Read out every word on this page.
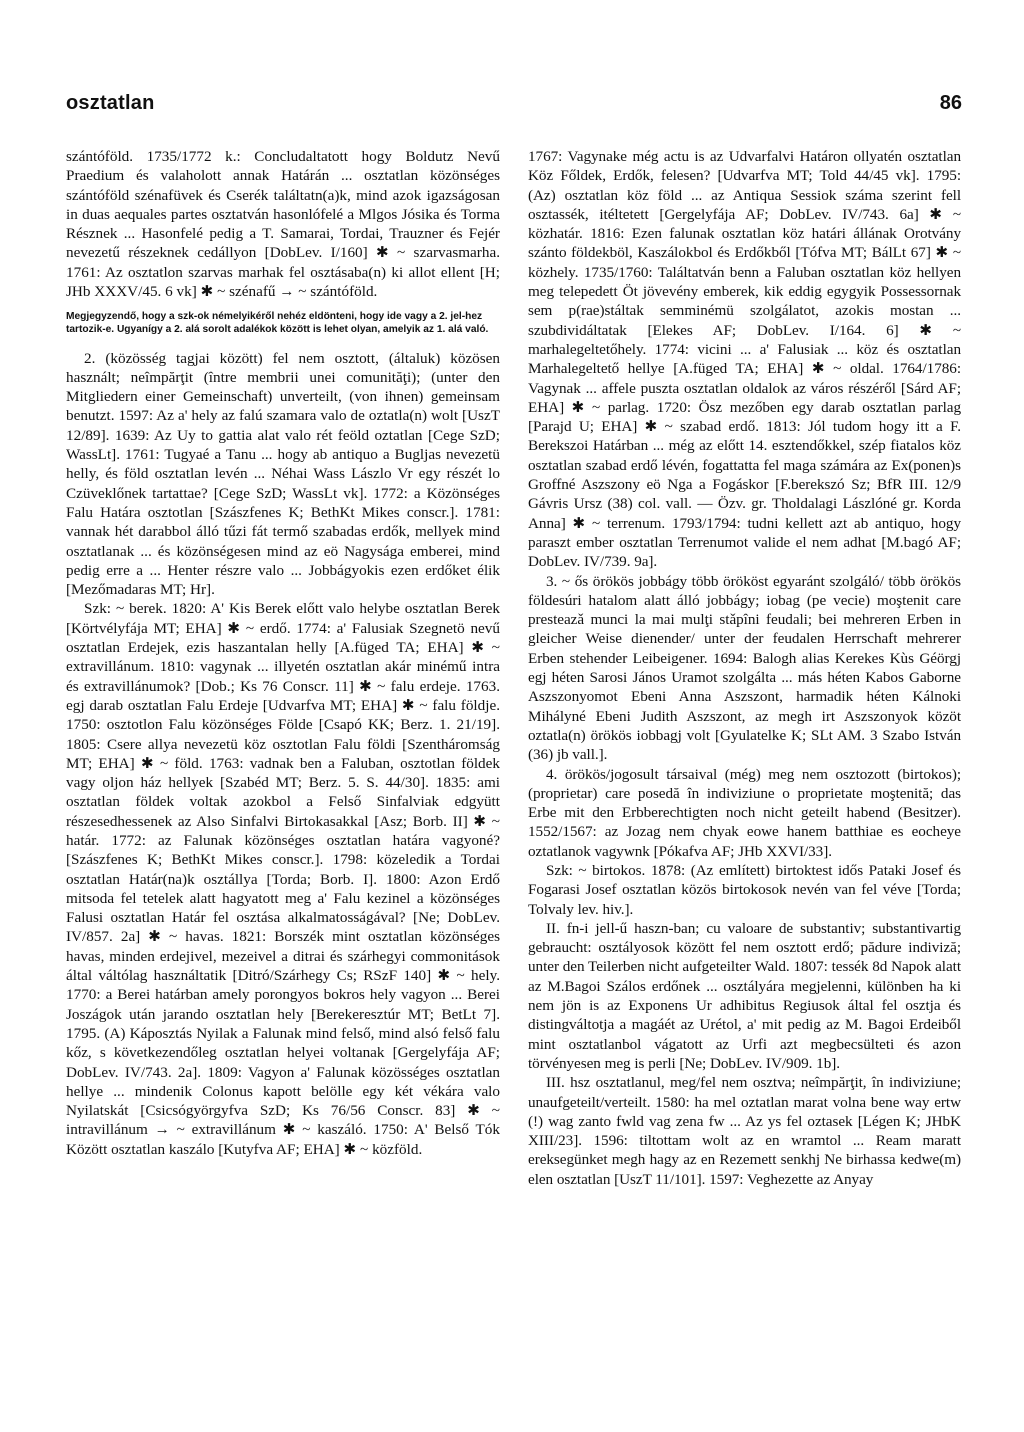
osztatlan	86

szántóföld. 1735/1772 k.: Concludaltatott hogy Boldutz Nevű Praedium és valaholott annak Határán ... osztatlan közönséges szántóföld szénafüvek és Cserék találtatn(a)k, mind azok igazságosan in duas aequales partes osztatván hasonlófelé a Mlgos Jósika és Torma Résznek ... Hasonfelé pedig a T. Samarai, Tordai, Trauzner és Fejér nevezetű részeknek cedállyon [DobLev. I/160] ✱ ~ szarvasmarha. 1761: Az osztatlon szarvas marhak fel osztásaba(n) ki allot ellent [H; JHb XXXV/45. 6 vk] ✱ ~ szénafű → ~ szántóföld.

Megjegyzendő, hogy a szk-ok némelyikéről nehéz eldönteni, hogy ide vagy a 2. jel-hez tartozik-e. Ugyanígy a 2. alá sorolt adalékok között is lehet olyan, amelyik az 1. alá való.

2. (közösség tagjai között) fel nem osztott, (általuk) közösen használt; neîmpărţit (între membrii unei comunităţi); (unter den Mitgliedern einer Gemeinschaft) unverteilt, (von ihnen) gemeinsam benutzt. 1597: Az a' hely az falú szamara valo de oztatla(n) wolt [UszT 12/89]. 1639: Az Uy to gattia alat valo rét feöld oztatlan [Cege SzD; WassLt]. 1761: Tugyaé a Tanu ... hogy ab antiquo a Bugljas nevezetü helly, és föld osztatlan levén ... Néhai Wass Lászlo Vr egy részét lo Czüveklőnek tartattae? [Cege SzD; WassLt vk]. 1772: a Közönséges Falu Határa osztotlan [Szászfenes K; BethKt Mikes conscr.]. 1781: vannak hét darabbol álló tűzi fát termő szabadas erdők, mellyek mind osztatlanak ... és közönségesen mind az eö Nagysága emberei, mind pedig erre a ... Henter részre valo ... Jobbágyokis ezen erdőket élik [Mezőmadaras MT; Hr].

Szk: ~ berek. 1820: A' Kis Berek előtt valo helybe osztatlan Berek [Körtvélyfája MT; EHA] ✱ ~ erdő. 1774: a' Falusiak Szegnetö nevű osztatlan Erdejek, ezis haszantalan helly [A.füged TA; EHA] ✱ ~ extravillánum. 1810: vagynak ... illyetén osztatlan akár minémű intra és extravillánumok? [Dob.; Ks 76 Conscr. 11] ✱ ~ falu erdeje. 1763. egj darab osztatlan Falu Erdeje [Udvarfva MT; EHA] ✱ ~ falu földje. 1750: osztotlon Falu közönséges Földe [Csapó KK; Berz. 1. 21/19]. 1805: Csere allya nevezetü köz osztotlan Falu földi [Szentháromság MT; EHA] ✱ ~ föld. 1763: vadnak ben a Faluban, osztotlan földek vagy oljon ház hellyek [Szabéd MT; Berz. 5. S. 44/30]. 1835: ami osztatlan földek voltak azokbol a Felső Sinfalviak edgyütt részesedhessenek az Also Sinfalvi Birtokasakkal [Asz; Borb. II] ✱ ~ határ. 1772: az Falunak közönséges osztatlan határa vagyoné? [Szászfenes K; BethKt Mikes conscr.]. 1798: közeledik a Tordai osztatlan Határ(na)k osztállya [Torda; Borb. I]. 1800: Azon Erdő mitsoda fel tetelek alatt hagyatott meg a' Falu kezinel a közönséges Falusi osztatlan Határ fel osztása alkalmatosságával? [Ne; DobLev. IV/857. 2a] ✱ ~ havas. 1821: Borszék mint osztatlan közönséges havas, minden erdejivel, mezeivel a ditrai és szárhegyi commonitások által váltólag használtatik [Ditró/Szárhegy Cs; RSzF 140] ✱ ~ hely. 1770: a Berei határban amely porongyos bokros hely vagyon ... Berei Joszágok után jarando osztatlan hely [Berekeresztúr MT; BetLt 7]. 1795. (A) Káposztás Nyilak a Falunak mind felső, mind alsó felső falu kőz, s következendőleg osztatlan helyei voltanak [Gergelyfája AF; DobLev. IV/743. 2a]. 1809: Vagyon a' Falunak közösséges osztatlan hellye ... mindenik Colonus kapott belölle egy két vékára valo Nyilatskát [Csicsógyörgyfva SzD; Ks 76/56 Conscr. 83] ✱ ~ intravillánum → ~ extravillánum ✱ ~ kaszáló. 1750: A' Belső Tók Között osztatlan kaszálo [Kutyfva AF; EHA] ✱ ~ közföld.

1767: Vagynake még actu is az Udvarfalvi Határon ollyatén osztatlan Köz Főldek, Erdők, felesen? [Udvarfva MT; Told 44/45 vk]. 1795: (Az) osztatlan köz föld ... az Antiqua Sessiok száma szerint fell osztassék, itéltetett [Gergelyfája AF; DobLev. IV/743. 6a] ✱ ~ közhatár. 1816: Ezen falunak osztatlan köz határi állának Orotvány szánto földekböl, Kaszálokbol és Erdőkből [Tófva MT; BálLt 67] ✱ ~ közhely. 1735/1760: Találtatván benn a Faluban osztatlan köz hellyen meg telepedett Öt jövevény emberek, kik eddig egygyik Possessornak sem p(rae)stáltak semminémü szolgálatot, azokis mostan ... szubdividáltatak [Elekes AF; DobLev. I/164. 6] ✱ ~ marhalegeltetőhely. 1774: vicini ... a' Falusiak ... köz és osztatlan Marhalegeltető hellye [A.füged TA; EHA] ✱ ~ oldal. 1764/1786: Vagynak ... affele puszta osztatlan oldalok az város részéről [Sárd AF; EHA] ✱ ~ parlag. 1720: Ösz mezőben egy darab osztatlan parlag [Parajd U; EHA] ✱ ~ szabad erdő. 1813: Jól tudom hogy itt a F. Berekszoi Határban ... még az előtt 14. esztendőkkel, szép fiatalos köz osztatlan szabad erdő lévén, fogattatta fel maga számára az Ex(ponen)s Groffné Aszszony eö Nga a Fogáskor [F.berekszó Sz; BfR III. 12/9 Gávris Ursz (38) col. vall. — Özv. gr. Tholdalagi Lászlóné gr. Korda Anna] ✱ ~ terrenum. 1793/1794: tudni kellett azt ab antiquo, hogy paraszt ember osztatlan Terrenumot valide el nem adhat [M.bagó AF; DobLev. IV/739. 9a].

3. ~ ős örökös jobbágy több örököst egyaránt szolgáló/ több örökös földesúri hatalom alatt álló jobbágy; iobag (pe vecie) moştenit care presteazǎ munci la mai mulţi stǎpîni feudali; bei mehreren Erben in gleicher Weise dienender/ unter der feudalen Herrschaft mehrerer Erben stehender Leibeigener. 1694: Balogh alias Kerekes Kùs Géörgj egj héten Sarosi János Uramot szolgálta ... más héten Kabos Gaborne Aszszonyomot Ebeni Anna Aszszont, harmadik héten Kálnoki Mihályné Ebeni Judith Aszszont, az megh irt Aszszonyok közöt oztatla(n) örökös iobbagj volt [Gyulatelke K; SLt AM. 3 Szabo István (36) jb vall.].

4. örökös/jogosult társaival (még) meg nem osztozott (birtokos); (proprietar) care posedă în indiviziune o proprietate moştenită; das Erbe mit den Erbberechtigten noch nicht geteilt habend (Besitzer). 1552/1567: az Jozag nem chyak eowe hanem batthiae es eocheye oztatlanok vagywnk [Pókafva AF; JHb XXVI/33].

Szk: ~ birtokos. 1878: (Az említett) birtoktest idős Pataki Josef és Fogarasi Josef osztatlan közös birtokosok nevén van fel véve [Torda; Tolvaly lev. hiv.].

II. fn-i jell-ű haszn-ban; cu valoare de substantiv; substantivartig gebraucht: osztályosok között fel nem osztott erdő; pădure indiviză; unter den Teilerben nicht aufgeteilter Wald. 1807: tessék 8d Napok alatt az M.Bagoi Szálos erdőnek ... osztályára megjelenni, különben ha ki nem jön is az Exponens Ur adhibitus Regiusok által fel osztja és distingváltotja a magáét az Urétol, a' mit pedig az M. Bagoi Erdeiből mint osztatlanbol vágatott az Urfi azt megbecsülteti és azon törvényesen meg is perli [Ne; DobLev. IV/909. 1b].

III. hsz osztatlanul, meg/fel nem osztva; neîmpărţit, în indiviziune; unaufgeteilt/verteilt. 1580: ha mel oztatlan marat volna bene way ertw (!) wag zanto fwld vag zena fw ... Az ys fel oztasek [Légen K; JHbK XIII/23]. 1596: tiltottam wolt az en wramtol ... Ream maratt ereksegünket megh hagy az en Rezemett senkhj Ne birhassa kedwe(m) elen osztatlan [UszT 11/101]. 1597: Veghezette az Anyay
